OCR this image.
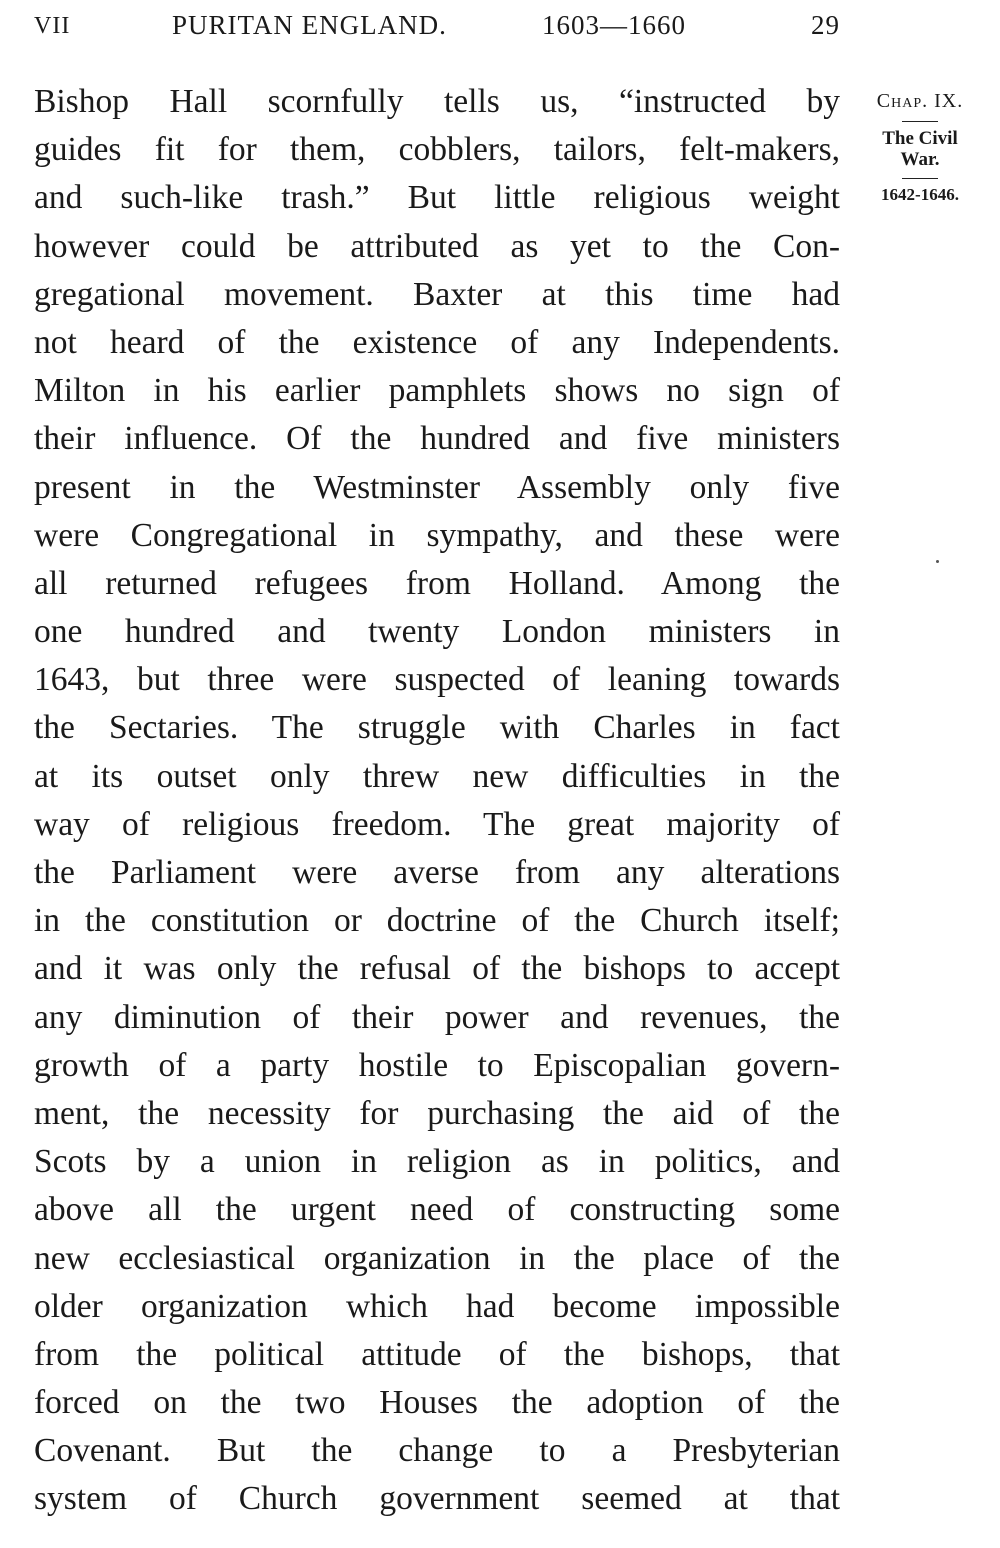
VII	PURITAN ENGLAND.	1603—1660	29
Bishop Hall scornfully tells us, “instructed by
guides fit for them, cobblers, tailors, felt-makers,
and such-like trash.” But little religious weight
however could be attributed as yet to the Con-
gregational movement. Baxter at this time had
not heard of the existence of any Independents.
Milton in his earlier pamphlets shows no sign of
their influence. Of the hundred and five ministers
present in the Westminster Assembly only five
were Congregational in sympathy, and these were
all returned refugees from Holland. Among the
one hundred and twenty London ministers in
1643, but three were suspected of leaning towards
the Sectaries. The struggle with Charles in fact
at its outset only threw new difficulties in the
way of religious freedom. The great majority of
the Parliament were averse from any alterations
in the constitution or doctrine of the Church itself;
and it was only the refusal of the bishops to accept
any diminution of their power and revenues, the
growth of a party hostile to Episcopalian govern-
ment, the necessity for purchasing the aid of the
Scots by a union in religion as in politics, and
above all the urgent need of constructing some
new ecclesiastical organization in the place of the
older organization which had become impossible
from the political attitude of the bishops, that
forced on the two Houses the adoption of the
Covenant. But the change to a Presbyterian
system of Church government seemed at that
Chap. IX.
The Civil War.
1642-1646.
